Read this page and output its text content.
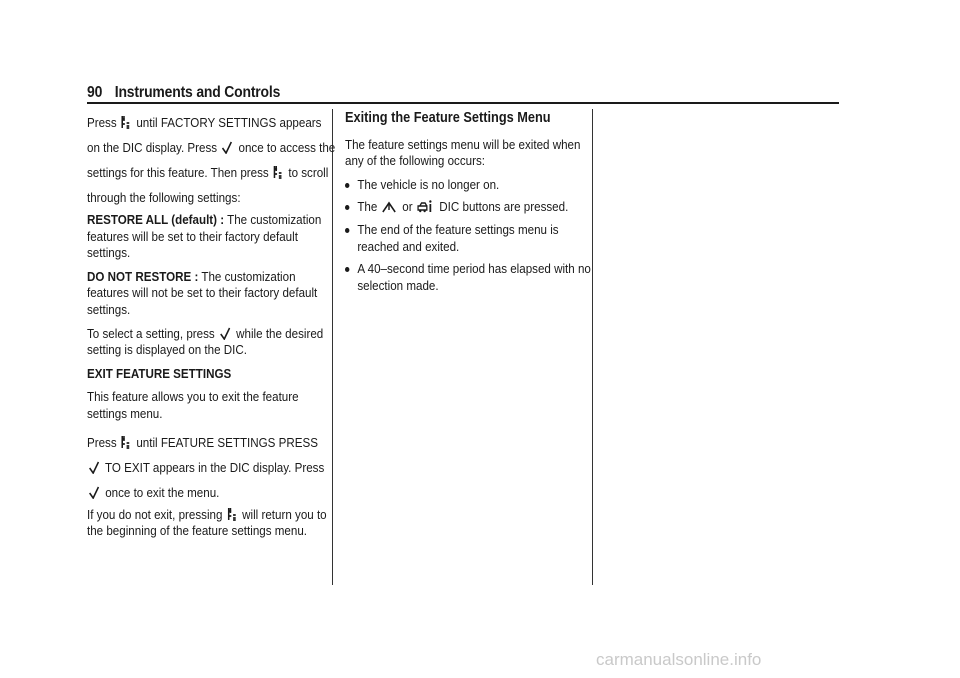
90 Instruments and Controls

Press until FACTORY SETTINGS appears on the DIC display. Press once to access the settings for this feature. Then press to scroll through the following settings:

RESTORE ALL (default) : The customization features will be set to their factory default settings.

DO NOT RESTORE : The customization features will not be set to their factory default settings.

To select a setting, press while the desired setting is displayed on the DIC.

EXIT FEATURE SETTINGS

This feature allows you to exit the feature settings menu.

Press until FEATURE SETTINGS PRESS  TO EXIT appears in the DIC display. Press  once to exit the menu.

If you do not exit, pressing will return you to the beginning of the feature settings menu.

Exiting the Feature Settings Menu

The feature settings menu will be exited when any of the following occurs:

The vehicle is no longer on.
The or DIC buttons are pressed.
The end of the feature settings menu is reached and exited.
A 40–second time period has elapsed with no selection made.
carmanualsonline.info
